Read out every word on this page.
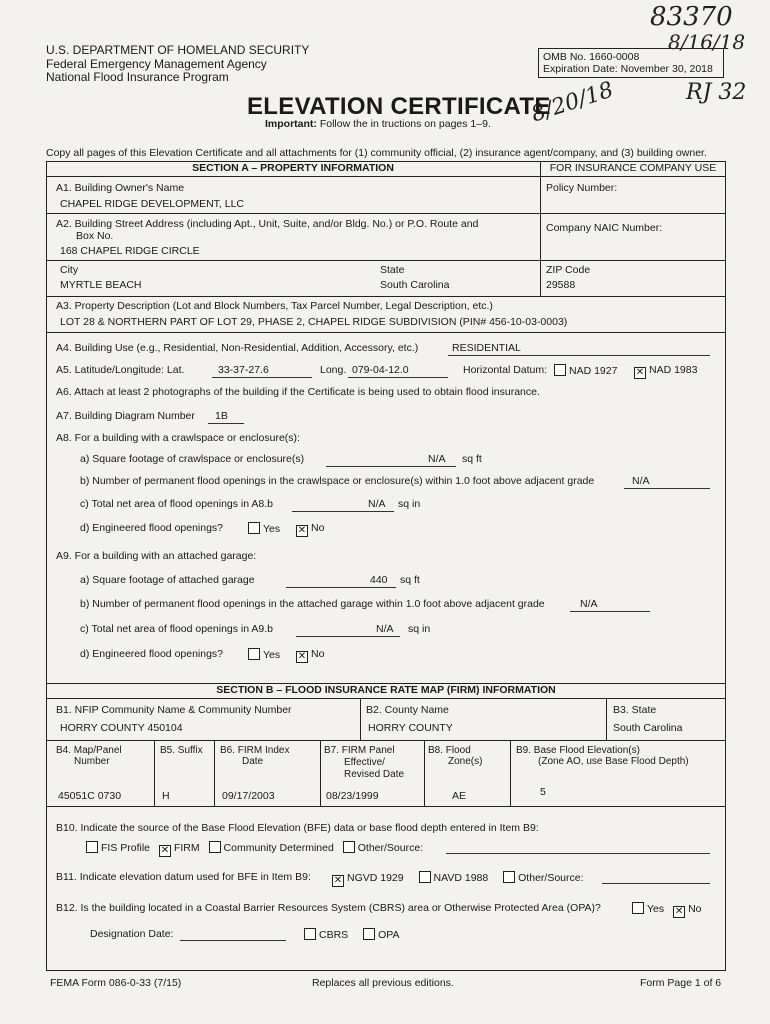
83370
8/16/18
RJ 32
8/20/18
U.S. DEPARTMENT OF HOMELAND SECURITY
Federal Emergency Management Agency
National Flood Insurance Program
OMB No. 1660-0008
Expiration Date: November 30, 2018
ELEVATION CERTIFICATE
Important: Follow the in tructions on pages 1–9.
Copy all pages of this Elevation Certificate and all attachments for (1) community official, (2) insurance agent/company, and (3) building owner.
SECTION A – PROPERTY INFORMATION	FOR INSURANCE COMPANY USE
A1. Building Owner's Name
CHAPEL RIDGE DEVELOPMENT, LLC
Policy Number:
A2. Building Street Address (including Apt., Unit, Suite, and/or Bldg. No.) or P.O. Route and
Box No.
168 CHAPEL RIDGE CIRCLE
Company NAIC Number:
City
MYRTLE BEACH
State
South Carolina
ZIP Code
29588
A3. Property Description (Lot and Block Numbers, Tax Parcel Number, Legal Description, etc.)
LOT 28 & NORTHERN PART OF LOT 29, PHASE 2, CHAPEL RIDGE SUBDIVISION (PIN# 456-10-03-0003)
A4. Building Use (e.g., Residential, Non-Residential, Addition, Accessory, etc.)	RESIDENTIAL
A5. Latitude/Longitude: Lat.	33-37-27.6	Long. 079-04-12.0	Horizontal Datum:	NAD 1927	✕ NAD 1983
A6. Attach at least 2 photographs of the building if the Certificate is being used to obtain flood insurance.
A7. Building Diagram Number 1B
A8. For a building with a crawlspace or enclosure(s):
a) Square footage of crawlspace or enclosure(s)	N/A sq ft
b) Number of permanent flood openings in the crawlspace or enclosure(s) within 1.0 foot above adjacent grade	N/A
c) Total net area of flood openings in A8.b	N/A sq in
d) Engineered flood openings?	Yes	✕ No
A9. For a building with an attached garage:
a) Square footage of attached garage	440 sq ft
b) Number of permanent flood openings in the attached garage within 1.0 foot above adjacent grade	N/A
c) Total net area of flood openings in A9.b	N/A sq in
d) Engineered flood openings?	Yes	✕ No
SECTION B – FLOOD INSURANCE RATE MAP (FIRM) INFORMATION
B1. NFIP Community Name & Community Number
HORRY COUNTY 450104
B2. County Name
HORRY COUNTY
B3. State
South Carolina
B4. Map/Panel
Number
45051C 0730
B5. Suffix
H
B6. FIRM Index
Date
09/17/2003
B7. FIRM Panel
Effective/
Revised Date
08/23/1999
B8. Flood
Zone(s)
AE
B9. Base Flood Elevation(s)
(Zone AO, use Base Flood Depth)
5
B10. Indicate the source of the Base Flood Elevation (BFE) data or base flood depth entered in Item B9:
FIS Profile ✕ FIRM Community Determined Other/Source:
B11. Indicate elevation datum used for BFE in Item B9:	✕ NGVD 1929	NAVD 1988	Other/Source:
B12. Is the building located in a Coastal Barrier Resources System (CBRS) area or Otherwise Protected Area (OPA)?	Yes ✕ No
Designation Date:	CBRS	OPA
FEMA Form 086-0-33 (7/15)	Replaces all previous editions.	Form Page 1 of 6
